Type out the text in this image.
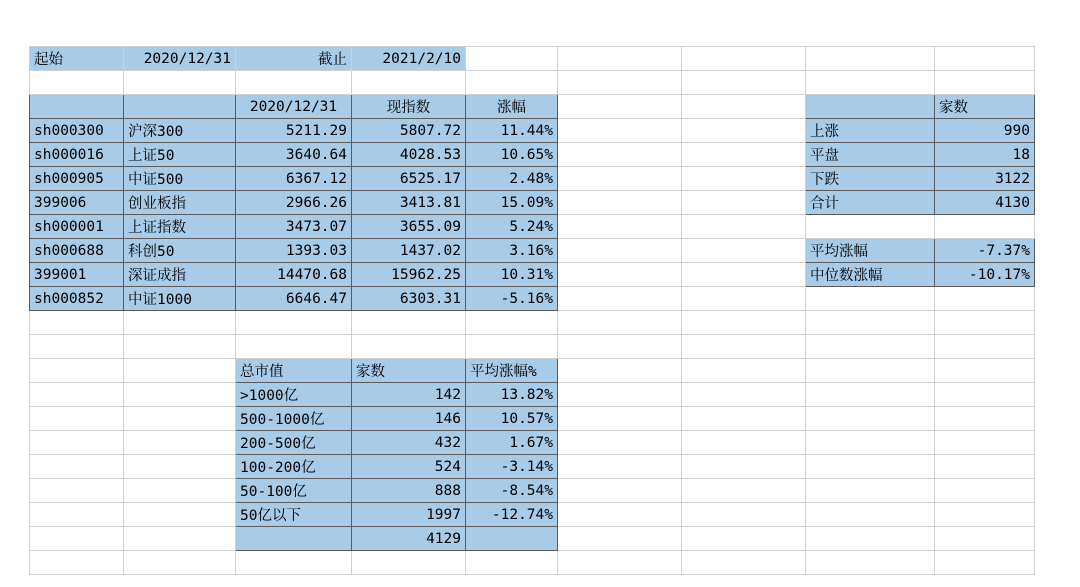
起始	2020/12/31	截止	2021/2/10					

		2020/12/31	现指数	涨幅				家数
sh000300	沪深300	5211.29	5807.72	11.44%			上涨	990
sh000016	上证50	3640.64	4028.53	10.65%			平盘	18
sh000905	中证500	6367.12	6525.17	2.48%			下跌	3122
399006	创业板指	2966.26	3413.81	15.09%			合计	4130
sh000001	上证指数	3473.07	3655.09	5.24%				
sh000688	科创50	1393.03	1437.02	3.16%			平均涨幅	-7.37%
399001	深证成指	14470.68	15962.25	10.31%			中位数涨幅	-10.17%
sh000852	中证1000	6646.47	6303.31	-5.16%				

		总市值	家数	平均涨幅%				
		>1000亿	142	13.82%				
		500-1000亿	146	10.57%				
		200-500亿	432	1.67%				
		100-200亿	524	-3.14%				
		50-100亿	888	-8.54%				
		50亿以下	1997	-12.74%				
			4129					
